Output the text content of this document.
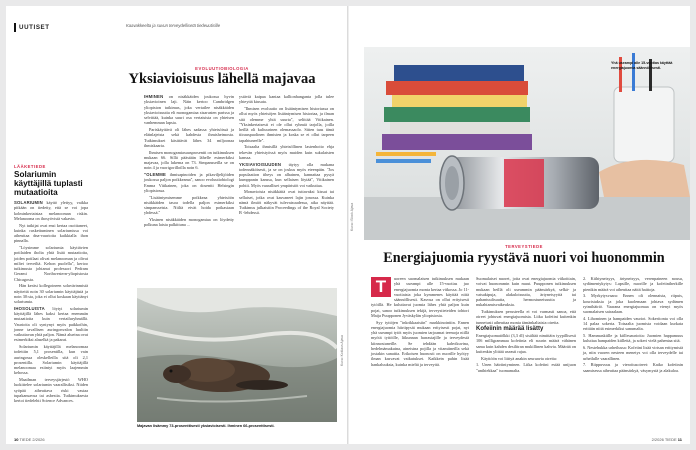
UUTISET	Kaavakkeelta ja suvun terveydellisetä tiedeuutisille
LÄÄKETIEDE
Solariumin käyttäjillä tuplasti mutaatioita

SOLARIUMIN käyttö ylettyy, vaikka pitkään on tiedetty, että se voi jopa kolminkertaistaa melanooman riskin. Melanooma on ihosyövistä vakavin.

Nyt tutkijat ovat ensi kertaa osoittaneet, kuinka ruskettuminen solariumissa voi aiheuttaa dna-vaurioita kaikkialla ihon pinnalla.

"Löysimme solariumia käyttävien potilaiden iholta yhtä lisää mutaatioita, joiden potilaat olivat melanooman ja olivat miltei terveiltä. Kehon puolella", kertoo tutkimusta johtanut professori Pedram Gerami Northwestern-yliopistosta Chicagosta.

Hän keräsi kollegoineen soluvärinmistä näytteitä noin 30 solariumin käyttäjästä ja noin 30:sta, joka ei ollut koskaan käyttänyt solariumia.

IHOSOLUISTA löytyi solariumin käyttäjillä lähes kaksi kertaa enemmän mutaatioita kuin vertailuryhmällä. Vaurioita oli syntynyt myös paikkoihin, jonne tavallisen auringonvalon luultiin vaikuttavan yhtä paljon. Nämä alueina ovat esimerkiksi alaselkä ja pakarat.

Solariumin käyttäjillä melanoomaa todettiin 5,1 prosentilla, kun vain auringossa oleskelleilla sitä oli 2,1 prosentilla. Solariumin käyttäjillä melanoomaa esiintyi myös laajemmin kehossa.

Maailman terveysjärjestö WHO luokittelee solariumin vaarallisiksi. Niiden syöpää aiheuttava riski vastaa tupakansavua tai asbestia. Tutkimuksesta kertoi tiedelehti Science Advances.

EVOLUUTIOBIOLOGIA
Yksiavioisuus lähellä majavaa

IHMINEN on nisäkkäiden joukossa hyvin yksiavioinen laji. Näin kertoo Cambridgen yliopiston tutkimus, joka vertailee nisäkkäiden yksiavioisuutta eli monogamiaa sisarusten parissa ja selvittää, kuinka suuri osa vertaisista on yhteisen vanhemman lapsia.

Pariskäyttävä oli lähes sadassa yhteisöissä ja eläinlajeista sekä kahdesta ihmisheimosta. Tutkimukset käsittävät lähes 34 miljoonaa ihmiskaaria.

Ihmisen monogamiasuusprosentti on tutkimuksen mukaan 66. Sillä päästään lähelle esimerkiksi majavaa, jolla lukema on 73. Simpansseilla se on noin 4 ja vuorigorilloilla noin 6.

"OLEMME ihmisapinoiden ja pikaviljelijöiden joukossa paljon poikkeama", sanoo evoluutiobiologi Emma Vitikainen, joka on dosentti Helsingin yliopistossa.

"Lisääntymisemme poikkeaa yhteisöön nisäkkäiden tasoa todella paljon esimerkiksi simpansseista. Niiltä eivät hoida poikasiaan yhdessä."

Yksinen nisäkkäiden monogamiaa on löydetty polkuna laista palkittuna ...

ystäviä kaipaa kantaa kallionhanganta jolla tulee yhteyttä kiusata.

"Ihmisen evoluutio on lisääntymisen historiassa on ollut myös yhteisöjen lisääntymisen historiaa, ja ilman sitä olemme yhtä suurta", selittää Vitikainen. "Yksinkertaisesti ei ole ollut ryhmiä tarjolla, joilla heillä oli kultuurinen olemassaolo. Sitten taas tämä tiirauspuolinen ihmisten ja koska se ei ollut tarpeen tapahtuneelle".

Toisaalta ihmisillä yhteisöllinen lastenhoito ehja tekevän yhteistyössä myös muiden kuin sukulaisten kanssa.

YKSIAVIOISUUDEN täytyy olla mukana todennäköisesti, ja se on joskus myös eteenpäin. "Jos populaation tiheys on alhainen, kannattaa pysyä kumppanin kanssa, kun sellaisen löytää", Vitikainen pohtii. Myös vaaralliset ympäristöt voi vaikuttaa.

Monavioisia nisäkkäitä ovat tuttavaksi kissat tai sellaiset, jotka ovat kasvaneet lajin jonossa. Kuinka nämä ilmiöt näkyvät tulevaisuudessa, aika näyttää. Tutkimus julkaistiin Proceedings of the Royal Society B -lehdessä.

Majavan lisämmy 73-prosenttisesti yksiavioisesti. Ihminen 66-prosenttisesti.
Kuva: Koklaus Ajava
10 TIEDE 2/2026
Yhä useampi alle 15-vuotias käyttää energiajuomia säännöllisesti.
Kuva: iStock Ajava
TERVEYSTIEDE
Energiajuomia ryystävä nuori voi huonommin
T	uoreen suomalaisen tutkimuksen mukaan yhä useampi alle 15-vuotias juo energiajuomia monta kertaa viikossa. Jo 11-vuotiaista joka kymmenes käyttää niitä säännöllisesti. Kasvua on ollut erityisesti tytöillä. He kuluttavat juomia lähes yhtä paljon kuin pojat, sanoo tutkimuksen tekijä, terveystieteiden tohtori Maija Puupponen Jyväskylän yliopistosta.

Syy tyttöjen "inkrikkaaisiin" markkinointiin. Ennen energiajuomia hiirtipysät mukaan erityisesti pojat, nyt yhä useampi tytöt myös juomien tarjoamat teemoja niillä myötä tyttöille, liikunnan harrastajille ja terveydestä kiinnostuneille. Se tehdään kahvikuvina, hedelmämakuina, aineisina pojilla ja vitamiineilla sekä jostakin sanattia. Erikoisen huonosti on nuorille hyötyy ilman kasvavat vaikutukset. Kaikkein pahin lisää hankaluuksia, kuinka mieltä ja terveyttä.

Suomalaiset nuoret, joita ovat energiajuomia viikoittain, voivat huonommin kuin muut. Puupponen tutkimuksen mukaan heillä oli useammin päänsärkyä, selkä- ja vatsakipuja, alakuloisuutta, ärtyneisyyttä tai pahantuulisuutta, hermostuneisuutta ja nukahtamisvaikeuksia.

Tutkimuksen perusteella ei voi varmasti sanoa, että oireet johtuvat energiajuomista. Liika kofeiini kuitenkin tunnetusti aiheuttaa monia tämänkaltaisia oireita.

Kofeiinin määrää lisätty

Energiajuomatölkki (3,3 dl) sisältää nimittäin tyypillisesti 106 milligrammaa kofeiinia eli suurin määrä vähänen sama kuin kahden desilitran mukillinen kahvia. Määrää on kuitenkin ylittää useasti rajaa.

Käyttöön voi liittyä anakin seuraavia oireita:

1. Unen häiriintyminen. Liika kofeiini estää unijuon "unihiekkaa" tuomamalta.

2. Kiihtyneisyys, ärtyneisyys, verenpaineen nousu, sydämentykytys: Lapsille, nuorille ja kofeiiniherkille pienikin määrä voi aiheuttaa näitä haittoja.

3. Myrkytysvaara: Ennen oli olennaista, riipuis, kouristuksia ja joka kuolemaan johtava sydämen rytmihäiriö. Vaarana energiajuomaa on vienyt myös suomalaisen sairaalaan.

4. Lihominen ja hampaiden vauriot. Sokeritonta voi olla 14 palaa sokeria. Toisaalta juomista voidaan kurkata erittäin niitä esimerkiksi sanumalta.

5. Hammaskiille ja kiilleuaurioita: Juomien happamuus kuluttaa hampaiden kiillettä, ja sokeri vielä pahentaa sitä.

6. Nestehukka urheilussa: Kofeiini lisää virtsan erittymistä ja, niin vuoren nesteen menetys voi olla terveydelle tai urheilulle vaarallinen.

7. Riippuvuus ja vieroitusoireet: Katko kofeiinin saamisessa aiheuttaa päänsärkyä, väsymystä ja alakuloa.

2/2026 TIEDE 11
